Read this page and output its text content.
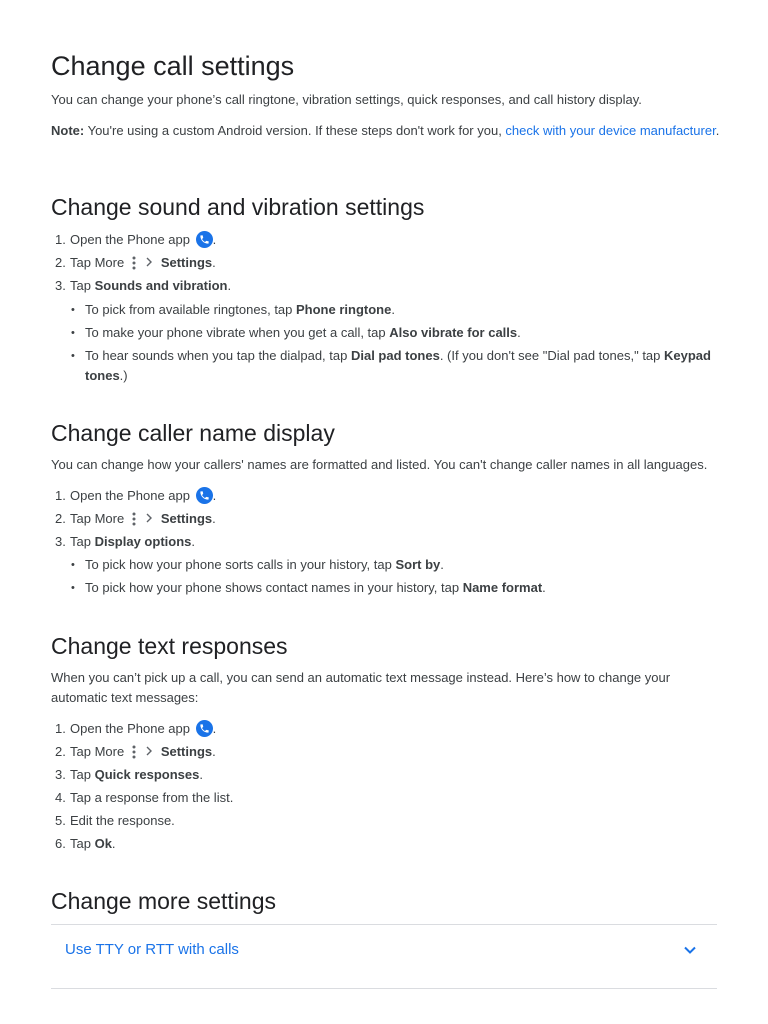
Change call settings

You can change your phone’s call ringtone, vibration settings, quick responses, and call history display.

Note: You're using a custom Android version. If these steps don't work for you, check with your device manufacturer.

Change sound and vibration settings
1. Open the Phone app .
2. Tap More	Settings.
3. Tap Sounds and vibration.
• To pick from available ringtones, tap Phone ringtone.
• To make your phone vibrate when you get a call, tap Also vibrate for calls.
• To hear sounds when you tap the dialpad, tap Dial pad tones. (If you don't see "Dial pad tones," tap Keypad tones.)
Change caller name display

You can change how your callers' names are formatted and listed. You can't change caller names in all languages.

1. Open the Phone app .
2. Tap More	Settings.
3. Tap Display options.
• To pick how your phone sorts calls in your history, tap Sort by.
• To pick how your phone shows contact names in your history, tap Name format.
Change text responses

When you can’t pick up a call, you can send an automatic text message instead. Here’s how to change your automatic text messages:

1. Open the Phone app .
2. Tap More	Settings.
3. Tap Quick responses.
4. Tap a response from the list.
5. Edit the response.
6. Tap Ok.
Change more settings
Use TTY or RTT with calls
